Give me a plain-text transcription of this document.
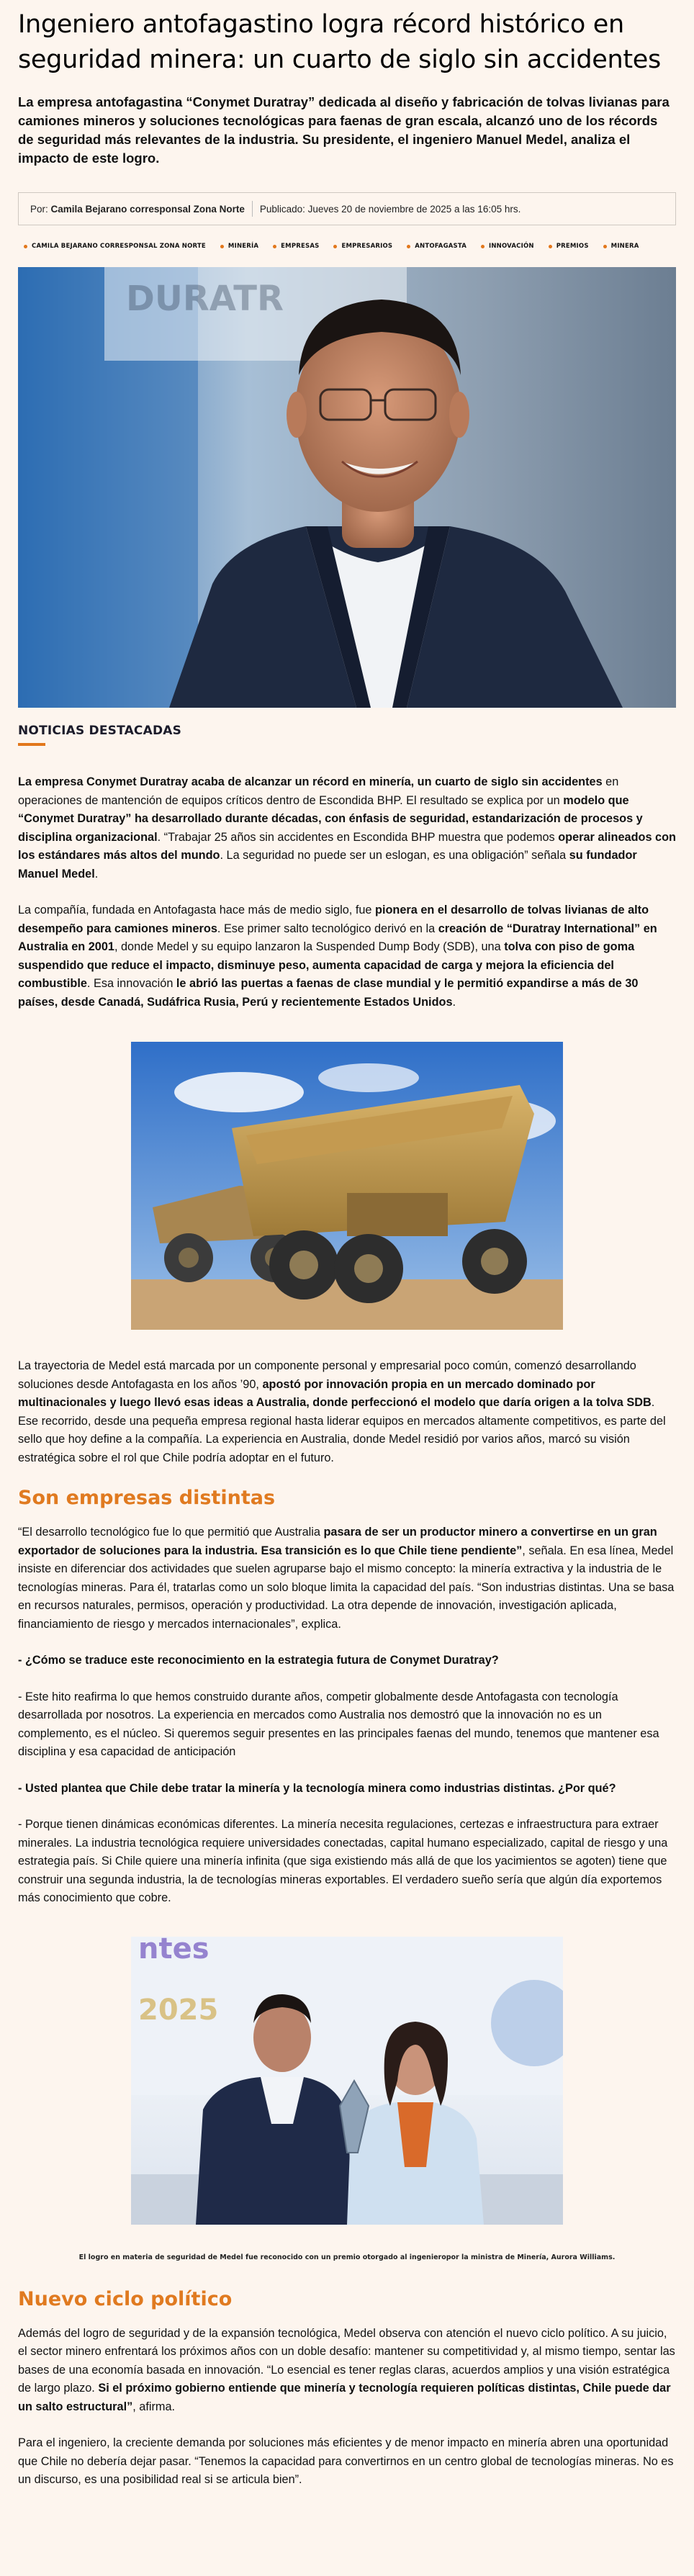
Ingeniero antofagastino logra récord histórico en seguridad minera: un cuarto de siglo sin accidentes

La empresa antofagastina “Conymet Duratray” dedicada al diseño y fabricación de tolvas livianas para camiones mineros y soluciones tecnológicas para faenas de gran escala, alcanzó uno de los récords de seguridad más relevantes de la industria. Su presidente, el ingeniero Manuel Medel, analiza el impacto de este logro.

Por:
Camila Bejarano corresponsal Zona Norte Publicado: Jueves 20 de noviembre de 2025 a las 16:05 hrs.
CAMILA BEJARANO CORRESPONSAL ZONA NORTE	MINERÍA	EMPRESAS	EMPRESARIOS	ANTOFAGASTA	INNOVACIÓN	PREMIOS	MINERA
DURATR
NOTICIAS DESTACADAS

La empresa Conymet Duratray acaba de alcanzar un récord en minería, un cuarto de siglo sin accidentes en operaciones de mantención de equipos críticos dentro de Escondida BHP. El resultado se explica por un modelo que “Conymet Duratray” ha desarrollado durante décadas, con énfasis de seguridad, estandarización de procesos y disciplina organizacional. “Trabajar 25 años sin accidentes en Escondida BHP muestra que podemos operar alineados con los estándares más altos del mundo. La seguridad no puede ser un eslogan, es una obligación” señala su fundador Manuel Medel.

La compañía, fundada en Antofagasta hace más de medio siglo, fue pionera en el desarrollo de tolvas livianas de alto desempeño para camiones mineros. Ese primer salto tecnológico derivó en la creación de “Duratray International” en Australia en 2001, donde Medel y su equipo lanzaron la Suspended Dump Body (SDB), una tolva con piso de goma suspendido que reduce el impacto, disminuye peso, aumenta capacidad de carga y mejora la eficiencia del combustible. Esa innovación le abrió las puertas a faenas de clase mundial y le permitió expandirse a más de 30 países, desde Canadá, Sudáfrica Rusia, Perú y recientemente Estados Unidos.

La trayectoria de Medel está marcada por un componente personal y empresarial poco común, comenzó desarrollando soluciones desde Antofagasta en los años ’90, apostó por innovación propia en un mercado dominado por multinacionales y luego llevó esas ideas a Australia, donde perfeccionó el modelo que daría origen a la tolva SDB. Ese recorrido, desde una pequeña empresa regional hasta liderar equipos en mercados altamente competitivos, es parte del sello que hoy define a la compañía. La experiencia en Australia, donde Medel residió por varios años, marcó su visión estratégica sobre el rol que Chile podría adoptar en el futuro.

Son empresas distintas

“El desarrollo tecnológico fue lo que permitió que Australia pasara de ser un productor minero a convertirse en un gran exportador de soluciones para la industria. Esa transición es lo que Chile tiene pendiente”, señala. En esa línea, Medel insiste en diferenciar dos actividades que suelen agruparse bajo el mismo concepto: la minería extractiva y la industria de le tecnologías mineras. Para él, tratarlas como un solo bloque limita la capacidad del país. “Son industrias distintas. Una se basa en recursos naturales, permisos, operación y productividad. La otra depende de innovación, investigación aplicada, financiamiento de riesgo y mercados internacionales”, explica.

- ¿Cómo se traduce este reconocimiento en la estrategia futura de Conymet Duratray?

- Este hito reafirma lo que hemos construido durante años, competir globalmente desde Antofagasta con tecnología desarrollada por nosotros. La experiencia en mercados como Australia nos demostró que la innovación no es un complemento, es el núcleo. Si queremos seguir presentes en las principales faenas del mundo, tenemos que mantener esa disciplina y esa capacidad de anticipación

- Usted plantea que Chile debe tratar la minería y la tecnología minera como industrias distintas. ¿Por qué?

- Porque tienen dinámicas económicas diferentes. La minería necesita regulaciones, certezas e infraestructura para extraer minerales. La industria tecnológica requiere universidades conectadas, capital humano especializado, capital de riesgo y una estrategia país. Si Chile quiere una minería infinita (que siga existiendo más allá de que los yacimientos se agoten) tiene que construir una segunda industria, la de tecnologías mineras exportables. El verdadero sueño sería que algún día exportemos más conocimiento que cobre.

ntes
2025

El logro en materia de seguridad de Medel fue reconocido con un premio otorgado al ingenieropor la ministra de Minería, Aurora Williams.

Nuevo ciclo político

Además del logro de seguridad y de la expansión tecnológica, Medel observa con atención el nuevo ciclo político. A su juicio, el sector minero enfrentará los próximos años con un doble desafío: mantener su competitividad y, al mismo tiempo, sentar las bases de una economía basada en innovación. “Lo esencial es tener reglas claras, acuerdos amplios y una visión estratégica de largo plazo. Si el próximo gobierno entiende que minería y tecnología requieren políticas distintas, Chile puede dar un salto estructural”, afirma.

Para el ingeniero, la creciente demanda por soluciones más eficientes y de menor impacto en minería abren una oportunidad que Chile no debería dejar pasar. “Tenemos la capacidad para convertirnos en un centro global de tecnologías mineras. No es un discurso, es una posibilidad real si se articula bien”.
